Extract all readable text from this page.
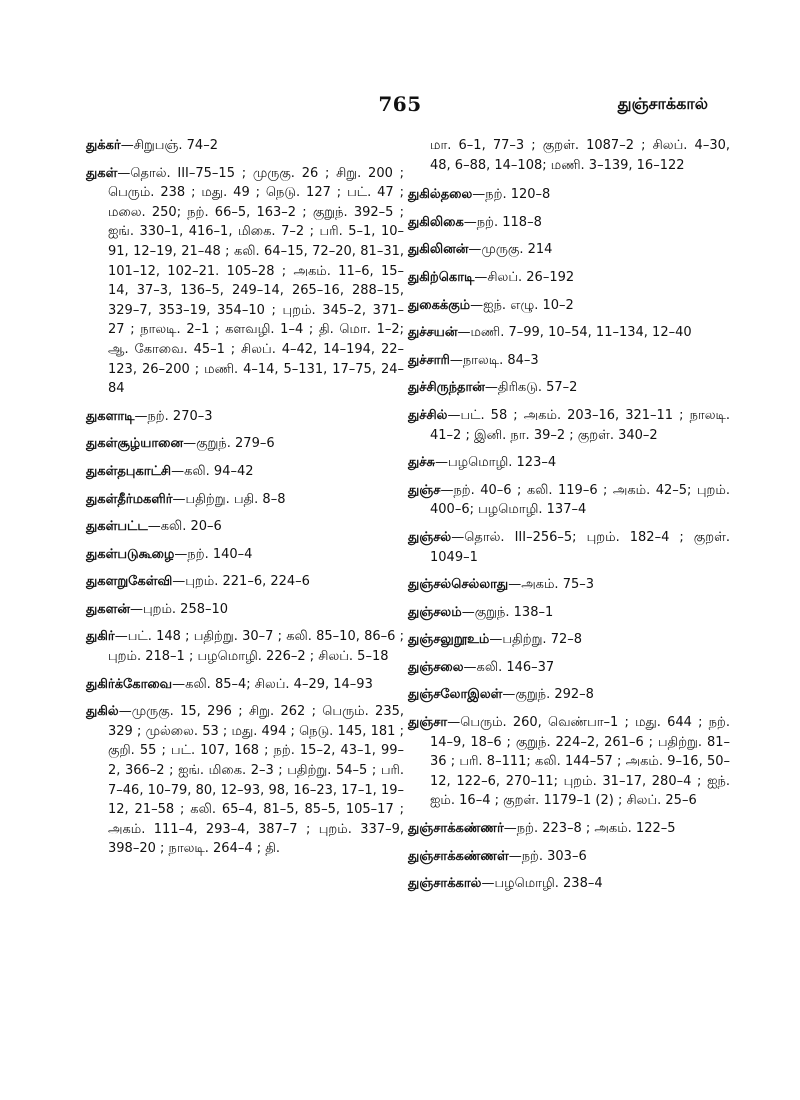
765	துஞ்சாக்கால்

துக்கர்—சிறுபஞ். 74–2

துகள்—தொல். III–75–15 ; முருகு. 26 ; சிறு. 200 ; பெரும். 238 ; மது. 49 ; நெடு. 127 ; பட். 47 ; மலை. 250; நற். 66–5, 163–2 ; குறுந். 392–5 ; ஐங். 330–1, 416–1, மிகை. 7–2 ; பரி. 5–1, 10–91, 12–19, 21–48 ; கலி. 64–15, 72–20, 81–31, 101–12, 102–21. 105–28 ; அகம். 11–6, 15–14, 37–3, 136–5, 249–14, 265–16, 288–15, 329–7, 353–19, 354–10 ; புறம். 345–2, 371–27 ; நாலடி. 2–1 ; களவழி. 1–4 ; தி. மொ. 1–2; ஆ. கோவை. 45–1 ; சிலப். 4–42, 14–194, 22–123, 26–200 ; மணி. 4–14, 5–131, 17–75, 24–84

துகளாடி—நற். 270–3

துகள்சூழ்யானை—குறுந். 279–6

துகள்தபுகாட்சி—கலி. 94–42

துகள்தீர்மகளிர்—பதிற்று. பதி. 8–8

துகள்பட்ட—கலி. 20–6

துகள்படுகூழை—நற். 140–4

துகளறுகேள்வி—புறம். 221–6, 224–6

துகளன்—புறம். 258–10

துகிர்—பட். 148 ; பதிற்று. 30–7 ; கலி. 85–10, 86–6 ; புறம். 218–1 ; பழமொழி. 226–2 ; சிலப். 5–18

துகிர்க்கோவை—கலி. 85–4; சிலப். 4–29, 14–93

துகில்—முருகு. 15, 296 ; சிறு. 262 ; பெரும். 235, 329 ; முல்லை. 53 ; மது. 494 ; நெடு. 145, 181 ; குறி. 55 ; பட். 107, 168 ; நற். 15–2, 43–1, 99–2, 366–2 ; ஐங். மிகை. 2–3 ; பதிற்று. 54–5 ; பரி. 7–46, 10–79, 80, 12–93, 98, 16–23, 17–1, 19–12, 21–58 ; கலி. 65–4, 81–5, 85–5, 105–17 ; அகம். 111–4, 293–4, 387–7 ; புறம். 337–9, 398–20 ; நாலடி. 264–4 ; தி.

மா. 6–1, 77–3 ; குறள். 1087–2 ; சிலப். 4–30, 48, 6–88, 14–108; மணி. 3–139, 16–122

துகில்தலை—நற். 120–8

துகிலிகை—நற். 118–8

துகிலினன்—முருகு. 214

துகிற்கொடி—சிலப். 26–192

துகைக்கும்—ஐந். எழு. 10–2

துச்சயன்—மணி. 7–99, 10–54, 11–134, 12–40

துச்சாரி—நாலடி. 84–3

துச்சிருந்தான்—திரிகடு. 57–2

துச்சில்—பட். 58 ; அகம். 203–16, 321–11 ; நாலடி. 41–2 ; இனி. நா. 39–2 ; குறள். 340–2

துச்சு—பழமொழி. 123–4

துஞ்ச—நற். 40–6 ; கலி. 119–6 ; அகம். 42–5; புறம். 400–6; பழமொழி. 137–4

துஞ்சல்—தொல். III–256–5; புறம். 182–4 ; குறள். 1049–1

துஞ்சல்செல்லாது—அகம். 75–3

துஞ்சலம்—குறுந். 138–1

துஞ்சலுறூஉம்—பதிற்று. 72–8

துஞ்சலை—கலி. 146–37

துஞ்சலோஇலள்—குறுந். 292–8

துஞ்சா—பெரும். 260, வெண்பா–1 ; மது. 644 ; நற். 14–9, 18–6 ; குறுந். 224–2, 261–6 ; பதிற்று. 81–36 ; பரி. 8–111; கலி. 144–57 ; அகம். 9–16, 50–12, 122–6, 270–11; புறம். 31–17, 280–4 ; ஐந். ஐம். 16–4 ; குறள். 1179–1 (2) ; சிலப். 25–6

துஞ்சாக்கண்ணர்—நற். 223–8 ; அகம். 122–5

துஞ்சாக்கண்ணள்—நற். 303–6

துஞ்சாக்கால்—பழமொழி. 238–4
